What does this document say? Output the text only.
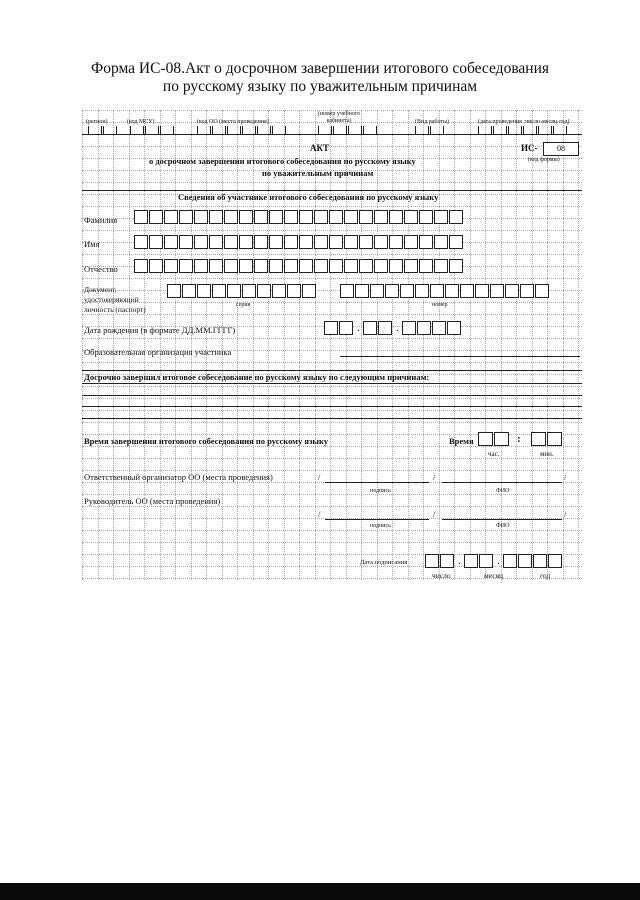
Форма ИС-08.Акт о досрочном завершении итогового собеседования
по русскому языку по уважительным причинам
(регион)	(код МСУ)	(код ОО (места проведения)
(номер учебного кабинета)	(Вид работы)	(дата проведения :число-месяц-год)
АКТ
о досрочном завершении итогового собеседования по русскому языку
по уважительным причинам
ИС-	08
(код формы)
Сведения об участнике итогового собеседования по русскому языку
Фамилия
Имя
Отчество
Документ,
удостоверяющий
личность (паспорт)	серия	номер
Дата рождения (в формате ДД.ММ.ГГГГ)	.	.
Образовательная организация участника
Досрочно завершил итоговое собеседование по русскому языку по следующим причинам:
Время завершения итогового собеседования по русскому языку	Время	:
час.	мин.
Ответственный организатор ОО (места проведения)	/	/	/
подпись	ФИО
Руководитель ОО (места проведения)
/	/	/
подпись	ФИО
Дата подписания	.	.
число	месяц	год
